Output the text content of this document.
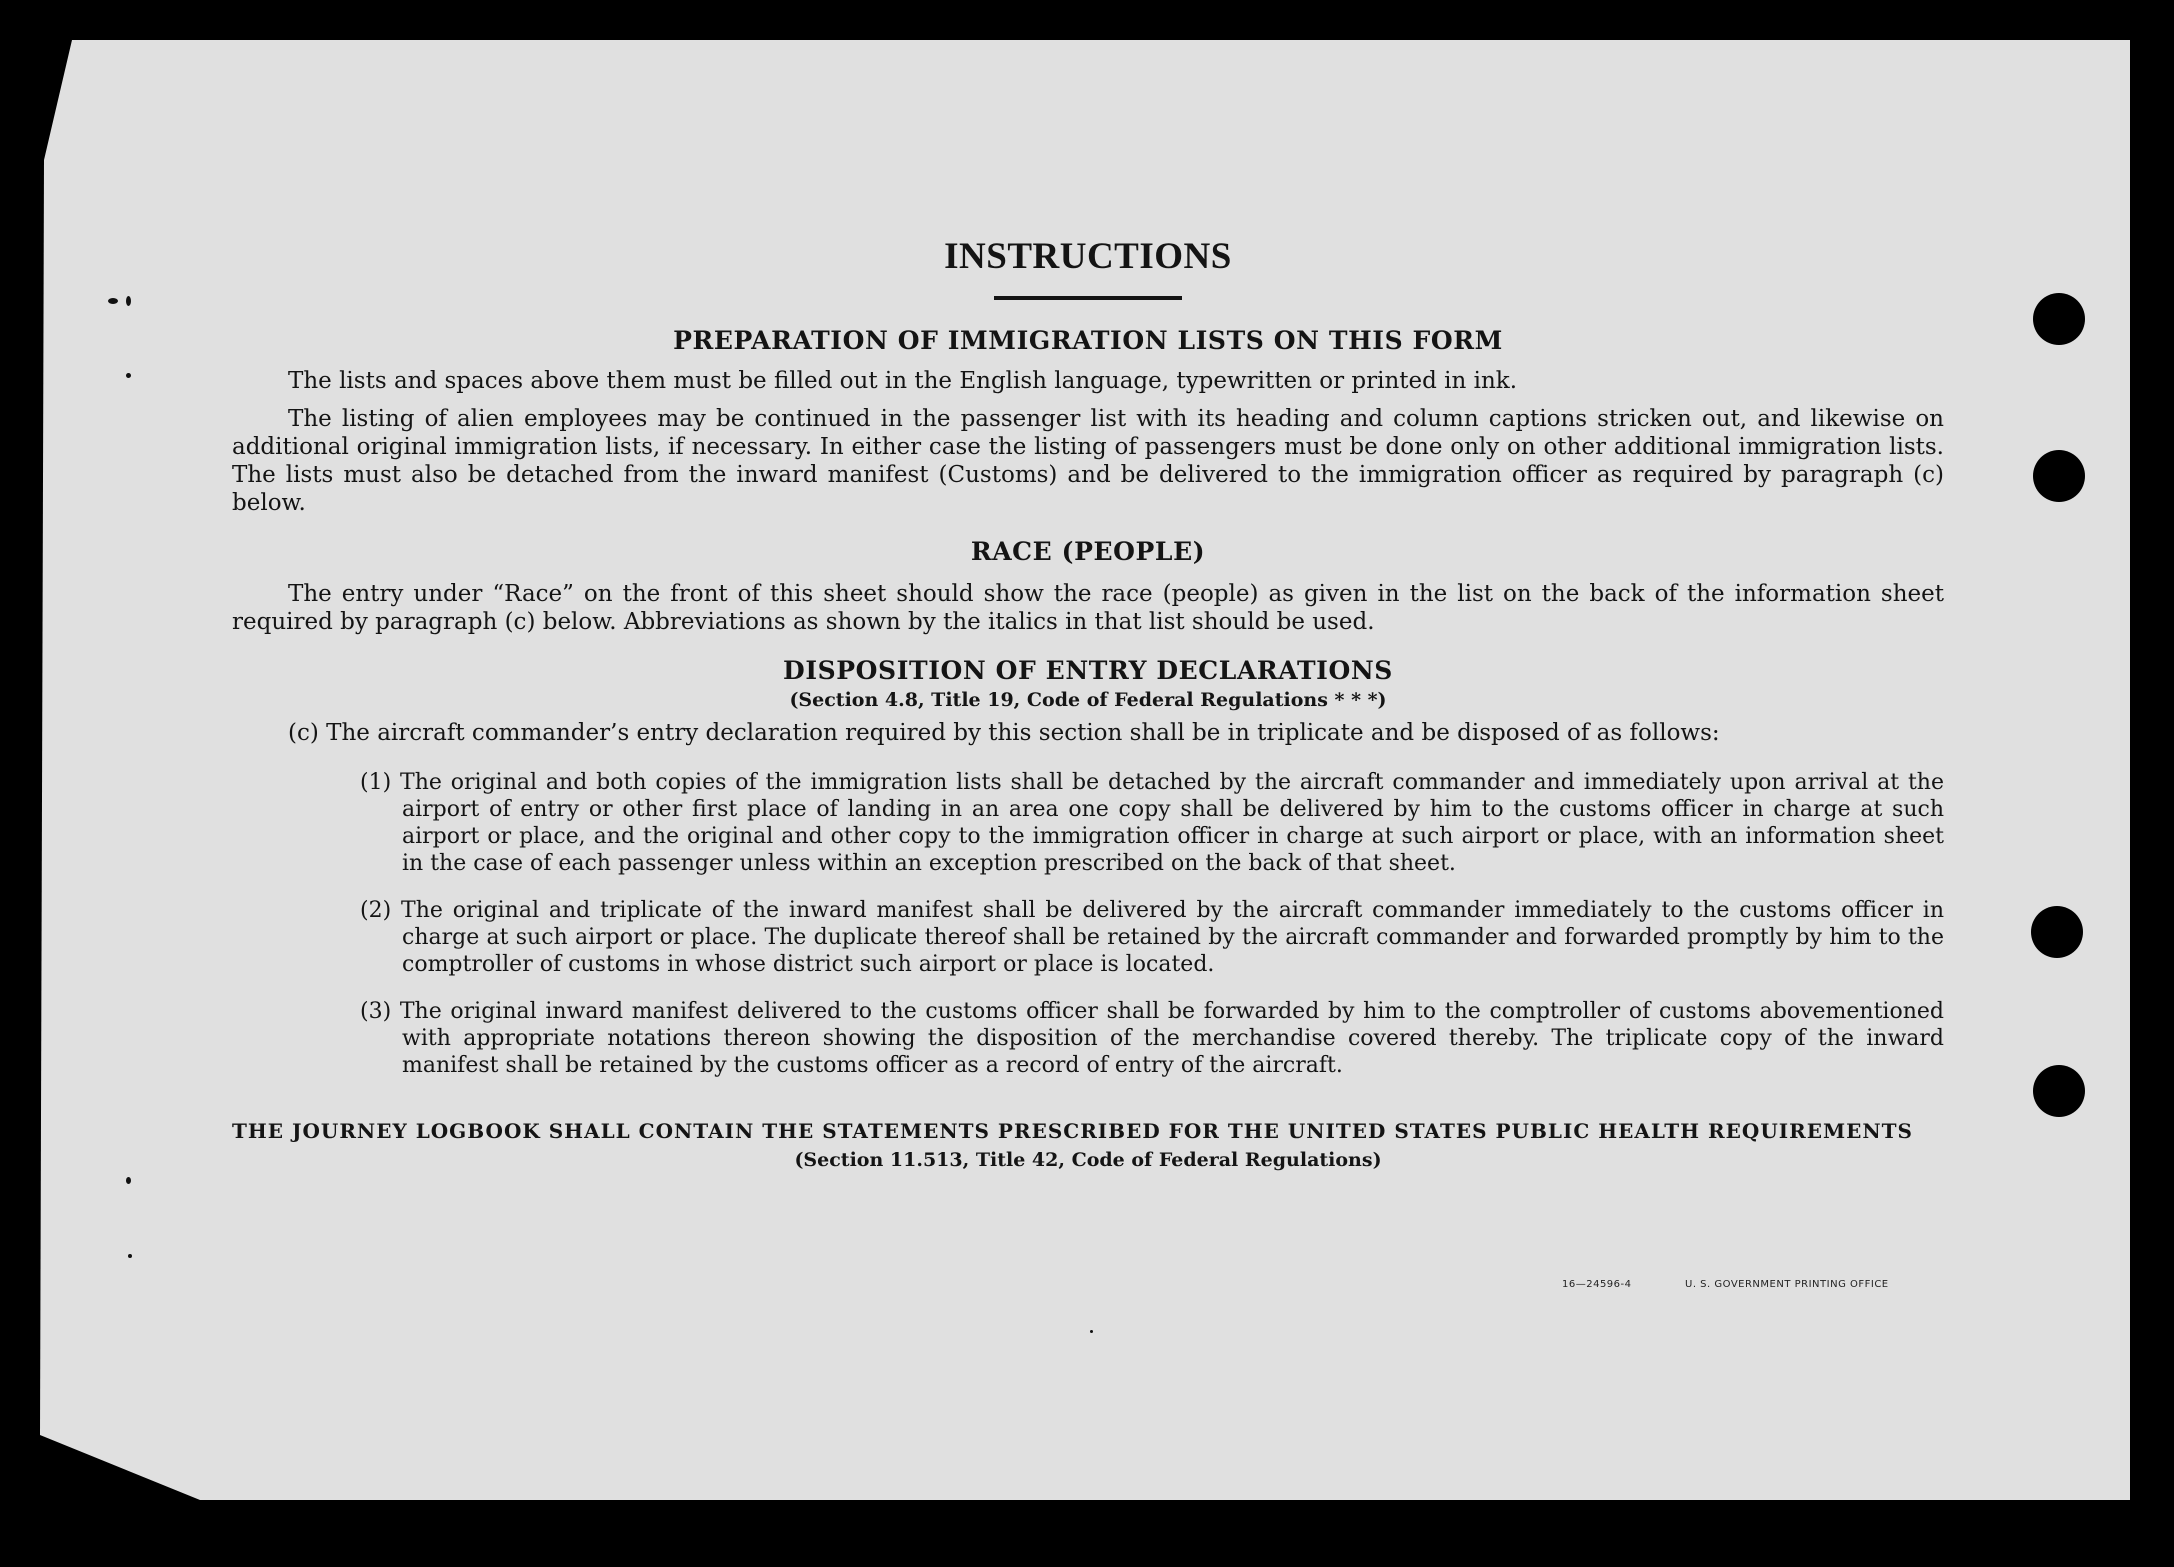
INSTRUCTIONS
PREPARATION OF IMMIGRATION LISTS ON THIS FORM

The lists and spaces above them must be filled out in the English language, typewritten or printed in ink.

The listing of alien employees may be continued in the passenger list with its heading and column captions stricken out, and likewise on additional original immigration lists, if necessary. In either case the listing of passengers must be done only on other additional immigration lists. The lists must also be detached from the inward manifest (Customs) and be delivered to the immigration officer as required by paragraph (c) below.

RACE (PEOPLE)

The entry under “Race” on the front of this sheet should show the race (people) as given in the list on the back of the information sheet required by paragraph (c) below. Abbreviations as shown by the italics in that list should be used.

DISPOSITION OF ENTRY DECLARATIONS
(Section 4.8, Title 19, Code of Federal Regulations * * *)
(c) The aircraft commander’s entry declaration required by this section shall be in triplicate and be disposed of as follows:
(1) The original and both copies of the immigration lists shall be detached by the aircraft commander and immediately upon arrival at the airport of entry or other first place of landing in an area one copy shall be delivered by him to the customs officer in charge at such airport or place, and the original and other copy to the immigration officer in charge at such airport or place, with an information sheet in the case of each passenger unless within an exception prescribed on the back of that sheet.
(2) The original and triplicate of the inward manifest shall be delivered by the aircraft commander immediately to the customs officer in charge at such airport or place. The duplicate thereof shall be retained by the aircraft commander and forwarded promptly by him to the comptroller of customs in whose district such airport or place is located.
(3) The original inward manifest delivered to the customs officer shall be forwarded by him to the comptroller of customs abovementioned with appropriate notations thereon showing the disposition of the merchandise covered thereby. The triplicate copy of the inward manifest shall be retained by the customs officer as a record of entry of the aircraft.
THE JOURNEY LOGBOOK SHALL CONTAIN THE STATEMENTS PRESCRIBED FOR THE UNITED STATES PUBLIC HEALTH REQUIREMENTS
(Section 11.513, Title 42, Code of Federal Regulations)
16—24596-4	U. S. GOVERNMENT PRINTING OFFICE
